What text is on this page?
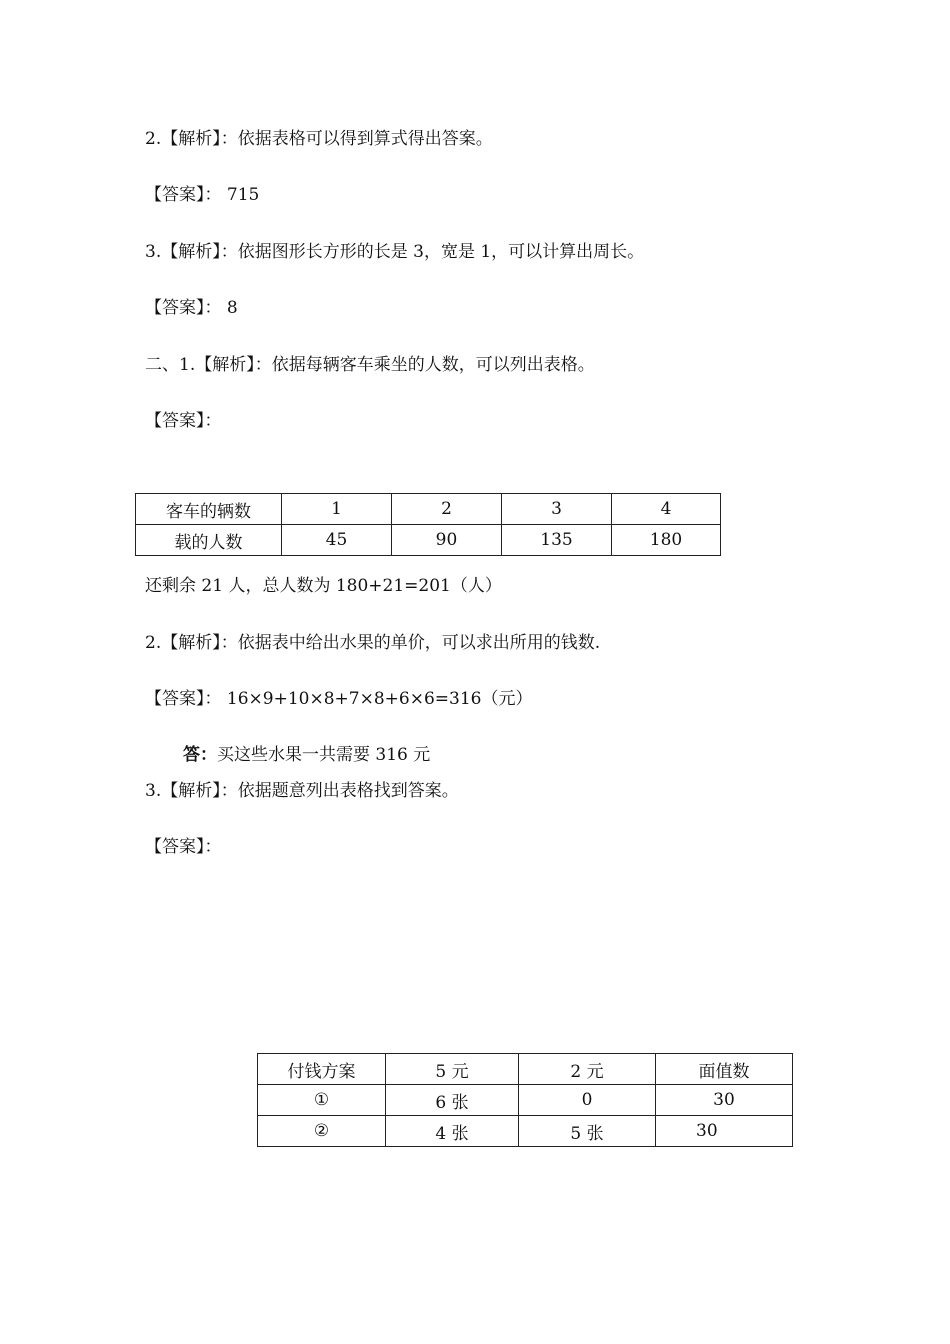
2.【解析】：依据表格可以得到算式得出答案。
【答案】： 715
3.【解析】：依据图形长方形的长是 3，宽是 1，可以计算出周长。
【答案】： 8
二、1.【解析】：依据每辆客车乘坐的人数，可以列出表格。
【答案】：
客车的辆数	1	2	3	4
载的人数	45	90	135	180
还剩余 21 人，总人数为 180+21=201（人）
2.【解析】：依据表中给出水果的单价，可以求出所用的钱数.
【答案】： 16×9+10×8+7×8+6×6=316（元）
答：买这些水果一共需要 316 元
3.【解析】：依据题意列出表格找到答案。
【答案】：
付钱方案	5 元	2 元	面值数
①	6 张	0	30
②	4 张	5 张	30
